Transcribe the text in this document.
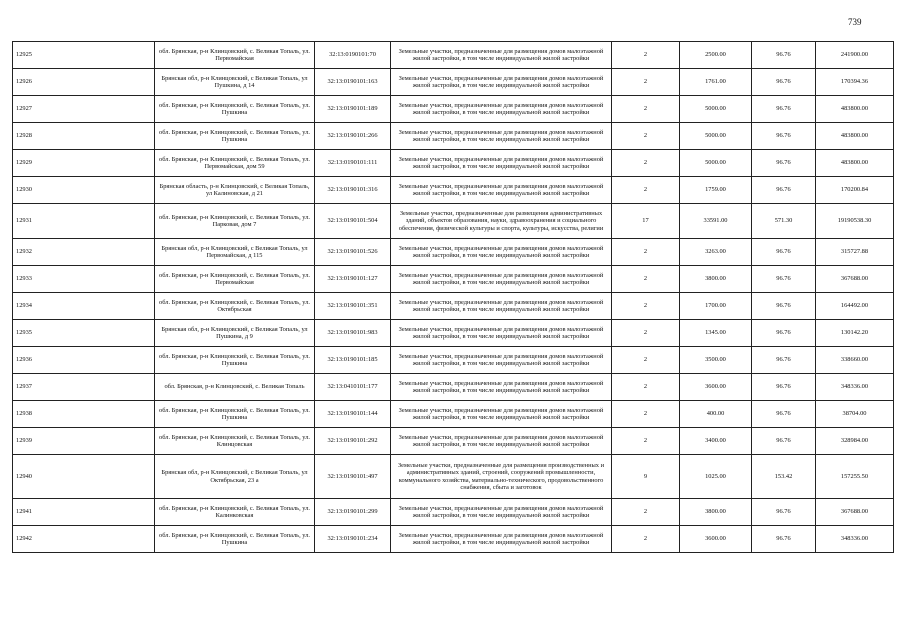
739
12925	обл. Брянская, р-н Клинцовский, с. Великая Топаль, ул. Первомайская	32:13:0190101:70	Земельные участки, предназначенные для размещения домов малоэтажной жилой застройки, в том числе индивидуальной жилой застройки	2	2500.00	96.76	241900.00
12926	Брянская обл, р-н Клинцовский, с Великая Топаль, ул Пушкина, д 14	32:13:0190101:163	Земельные участки, предназначенные для размещения домов малоэтажной жилой застройки, в том числе индивидуальной жилой застройки	2	1761.00	96.76	170394.36
12927	обл. Брянская, р-н Клинцовский, с. Великая Топаль, ул. Пушкина	32:13:0190101:189	Земельные участки, предназначенные для размещения домов малоэтажной жилой застройки, в том числе индивидуальной жилой застройки	2	5000.00	96.76	483800.00
12928	обл. Брянская, р-н Клинцовский, с. Великая Топаль, ул. Пушкина	32:13:0190101:266	Земельные участки, предназначенные для размещения домов малоэтажной жилой застройки, в том числе индивидуальной жилой застройки	2	5000.00	96.76	483800.00
12929	обл. Брянская, р-н Клинцовский, с. Великая Топаль, ул. Первомайская, дом 59	32:13:0190101:111	Земельные участки, предназначенные для размещения домов малоэтажной жилой застройки, в том числе индивидуальной жилой застройки	2	5000.00	96.76	483800.00
12930	Брянская область, р-н Клинцовский, с Великая Топаль, ул Калиновская, д 21	32:13:0190101:316	Земельные участки, предназначенные для размещения домов малоэтажной жилой застройки, в том числе индивидуальной жилой застройки	2	1759.00	96.76	170200.84
12931	обл. Брянская, р-н Клинцовский, с. Великая Топаль, ул. Парковая, дом 7	32:13:0190101:504	Земельные участки, предназначенные для размещения административных зданий, объектов образования, науки, здравоохранения и социального обеспечения, физической культуры и спорта, культуры, искусства, религии	17	33591.00	571.30	19190538.30
12932	Брянская обл, р-н Клинцовский, с Великая Топаль, ул Первомайская, д 115	32:13:0190101:526	Земельные участки, предназначенные для размещения домов малоэтажной жилой застройки, в том числе индивидуальной жилой застройки	2	3263.00	96.76	315727.88
12933	обл. Брянская, р-н Клинцовский, с. Великая Топаль, ул. Первомайская	32:13:0190101:127	Земельные участки, предназначенные для размещения домов малоэтажной жилой застройки, в том числе индивидуальной жилой застройки	2	3800.00	96.76	367688.00
12934	обл. Брянская, р-н Клинцовский, с. Великая Топаль, ул. Октябрьская	32:13:0190101:351	Земельные участки, предназначенные для размещения домов малоэтажной жилой застройки, в том числе индивидуальной жилой застройки	2	1700.00	96.76	164492.00
12935	Брянская обл, р-н Клинцовский, с Великая Топаль, ул Пушкина, д 9	32:13:0190101:983	Земельные участки, предназначенные для размещения домов малоэтажной жилой застройки, в том числе индивидуальной жилой застройки	2	1345.00	96.76	130142.20
12936	обл. Брянская, р-н Клинцовский, с. Великая Топаль, ул. Пушкина	32:13:0190101:185	Земельные участки, предназначенные для размещения домов малоэтажной жилой застройки, в том числе индивидуальной жилой застройки	2	3500.00	96.76	338660.00
12937	обл. Брянская, р-н Клинцовский, с. Великая Топаль	32:13:0410101:177	Земельные участки, предназначенные для размещения домов малоэтажной жилой застройки, в том числе индивидуальной жилой застройки	2	3600.00	96.76	348336.00
12938	обл. Брянская, р-н Клинцовский, с. Великая Топаль, ул. Пушкина	32:13:0190101:144	Земельные участки, предназначенные для размещения домов малоэтажной жилой застройки, в том числе индивидуальной жилой застройки	2	400.00	96.76	38704.00
12939	обл. Брянская, р-н Клинцовский, с. Великая Топаль, ул. Клинцовская	32:13:0190101:292	Земельные участки, предназначенные для размещения домов малоэтажной жилой застройки, в том числе индивидуальной жилой застройки	2	3400.00	96.76	328984.00
12940	Брянская обл, р-н Клинцовский, с Великая Топаль, ул Октябрьская, 23 а	32:13:0190101:497	Земельные участки, предназначенные для размещения производственных и административных зданий, строений, сооружений промышленности, коммунального хозяйства, материально-технического, продовольственного снабжения, сбыта и заготовок	9	1025.00	153.42	157255.50
12941	обл. Брянская, р-н Клинцовский, с. Великая Топаль, ул. Калинковская	32:13:0190101:299	Земельные участки, предназначенные для размещения домов малоэтажной жилой застройки, в том числе индивидуальной жилой застройки	2	3800.00	96.76	367688.00
12942	обл. Брянская, р-н Клинцовский, с. Великая Топаль, ул. Пушкина	32:13:0190101:234	Земельные участки, предназначенные для размещения домов малоэтажной жилой застройки, в том числе индивидуальной жилой застройки	2	3600.00	96.76	348336.00
